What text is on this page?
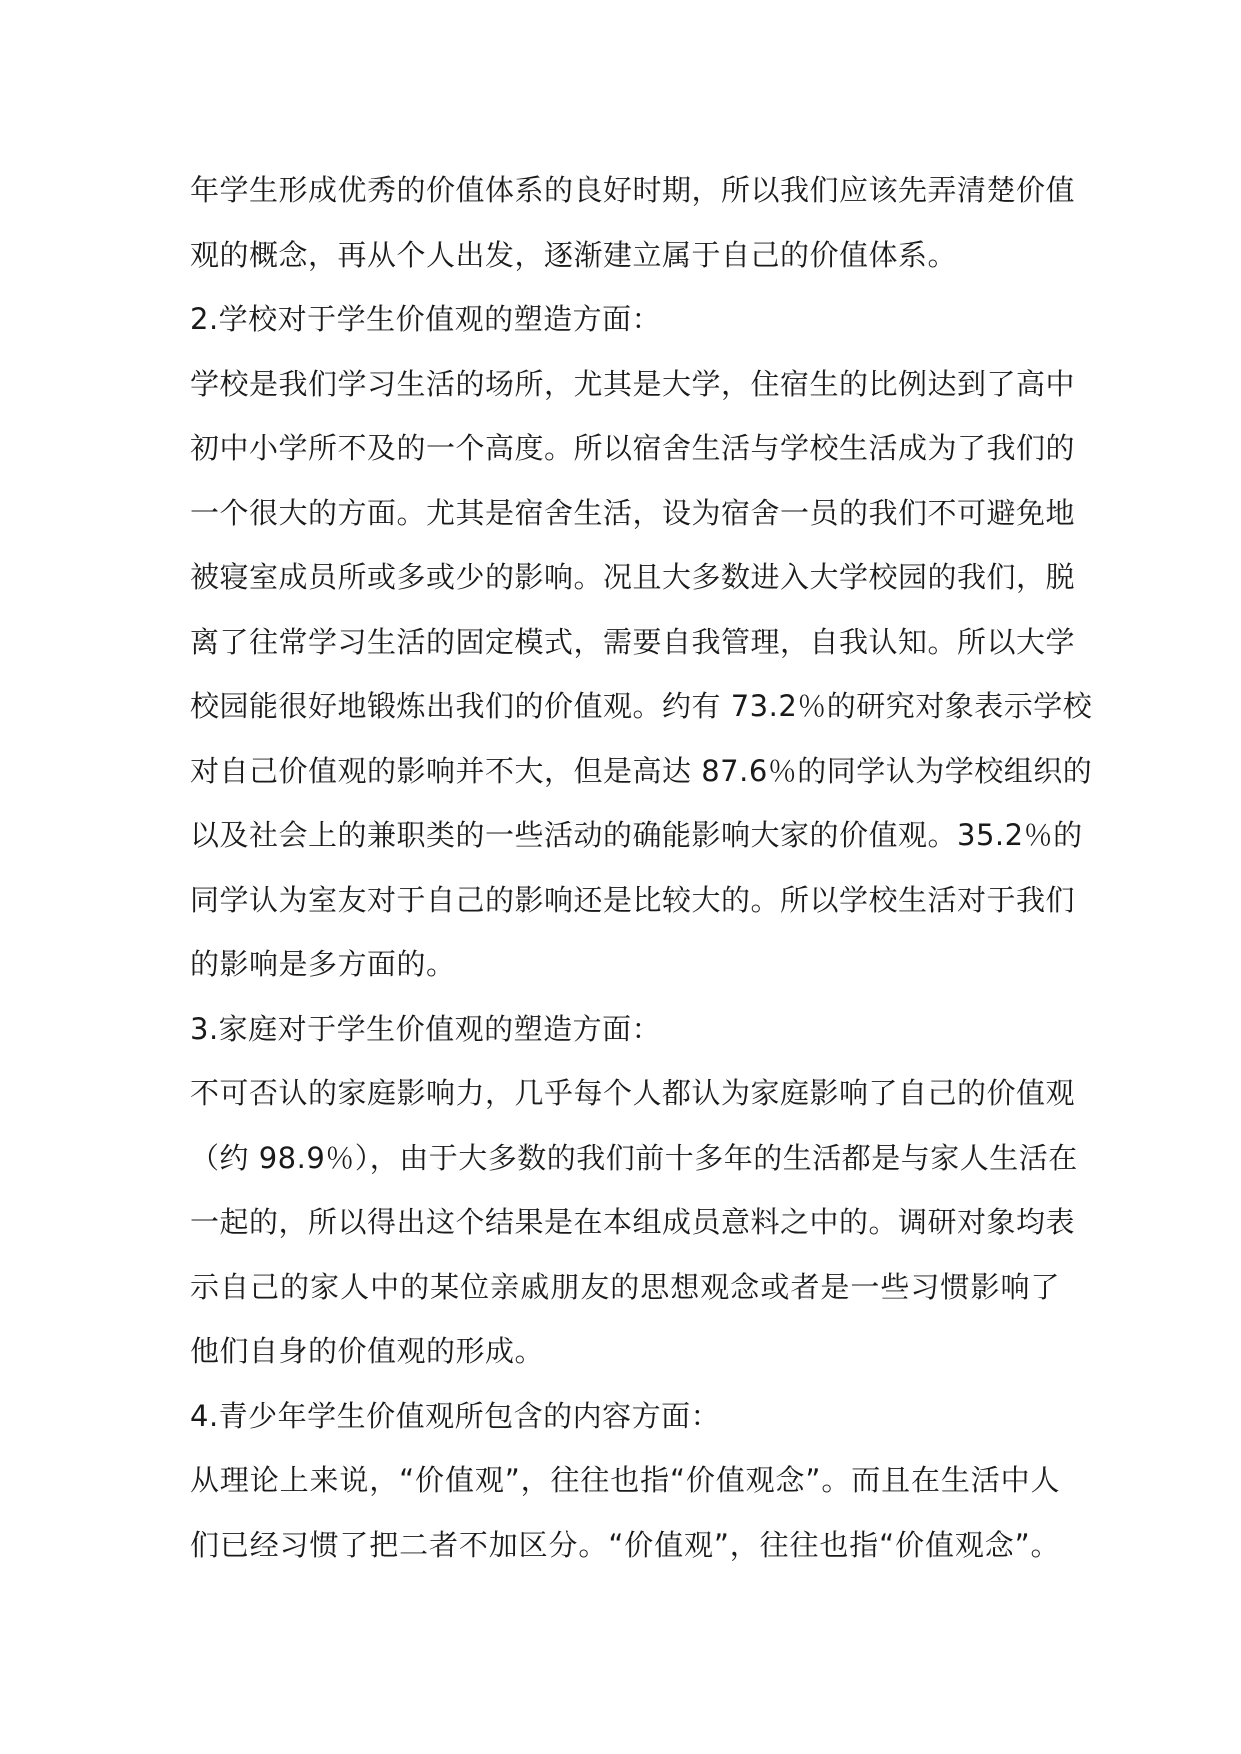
年学生形成优秀的价值体系的良好时期，所以我们应该先弄清楚价值
观的概念，再从个人出发，逐渐建立属于自己的价值体系。
2.学校对于学生价值观的塑造方面：
学校是我们学习生活的场所，尤其是大学，住宿生的比例达到了高中
初中小学所不及的一个高度。所以宿舍生活与学校生活成为了我们的
一个很大的方面。尤其是宿舍生活，设为宿舍一员的我们不可避免地
被寝室成员所或多或少的影响。况且大多数进入大学校园的我们，脱
离了往常学习生活的固定模式，需要自我管理，自我认知。所以大学
校园能很好地锻炼出我们的价值观。约有 73.2％的研究对象表示学校
对自己价值观的影响并不大，但是高达 87.6％的同学认为学校组织的
以及社会上的兼职类的一些活动的确能影响大家的价值观。35.2％的
同学认为室友对于自己的影响还是比较大的。所以学校生活对于我们
的影响是多方面的。
3.家庭对于学生价值观的塑造方面：
不可否认的家庭影响力，几乎每个人都认为家庭影响了自己的价值观
（约 98.9％），由于大多数的我们前十多年的生活都是与家人生活在
一起的，所以得出这个结果是在本组成员意料之中的。调研对象均表
示自己的家人中的某位亲戚朋友的思想观念或者是一些习惯影响了
他们自身的价值观的形成。
4.青少年学生价值观所包含的内容方面：
从理论上来说，“价值观”，往往也指“价值观念”。而且在生活中人
们已经习惯了把二者不加区分。“价值观”，往往也指“价值观念”。
